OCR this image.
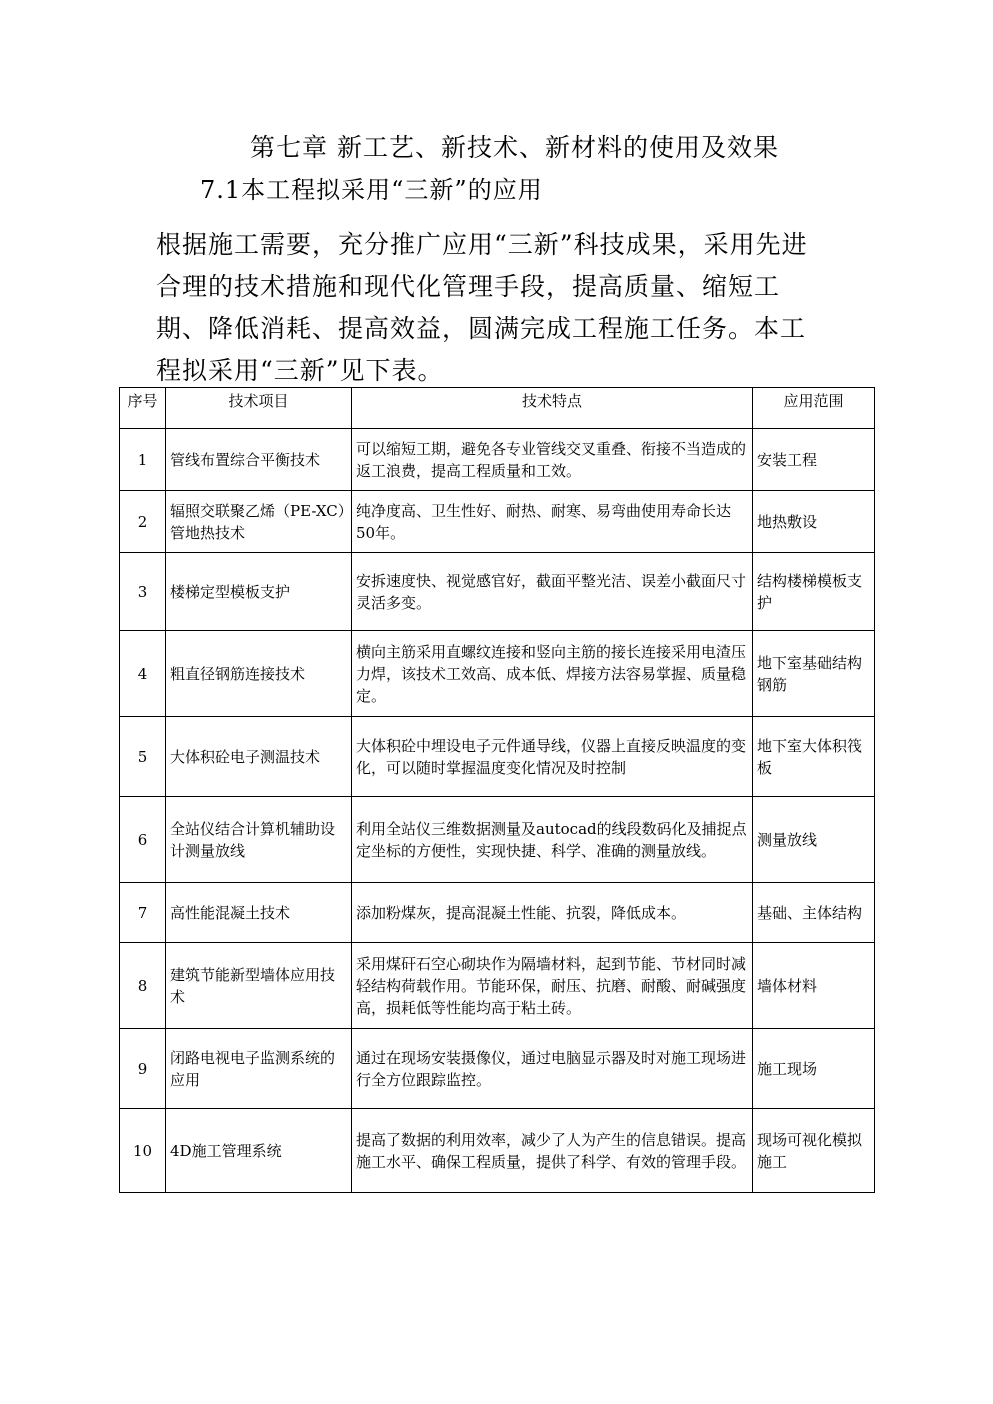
第七章 新工艺、新技术、新材料的使用及效果
7.1本工程拟采用“三新”的应用

根据施工需要，充分推广应用“三新”科技成果，采用先进合理的技术措施和现代化管理手段，提高质量、缩短工期、降低消耗、提高效益，圆满完成工程施工任务。本工程拟采用“三新”见下表。

序号	技术项目	技术特点	应用范围
1	管线布置综合平衡技术	可以缩短工期，避免各专业管线交叉重叠、衔接不当造成的返工浪费，提高工程质量和工效。	安装工程
2	辐照交联聚乙烯（PE-XC）管地热技术	纯净度高、卫生性好、耐热、耐寒、易弯曲使用寿命长达50年。	地热敷设
3	楼梯定型模板支护	安拆速度快、视觉感官好，截面平整光洁、误差小截面尺寸灵活多变。	结构楼梯模板支护
4	粗直径钢筋连接技术	横向主筋采用直螺纹连接和竖向主筋的接长连接采用电渣压力焊，该技术工效高、成本低、焊接方法容易掌握、质量稳定。	地下室基础结构钢筋
5	大体积砼电子测温技术	大体积砼中埋设电子元件通导线，仪器上直接反映温度的变化，可以随时掌握温度变化情况及时控制	地下室大体积筏板
6	全站仪结合计算机辅助设计测量放线	利用全站仪三维数据测量及autocad的线段数码化及捕捉点定坐标的方便性，实现快捷、科学、准确的测量放线。	测量放线
7	高性能混凝土技术	添加粉煤灰，提高混凝土性能、抗裂，降低成本。	基础、主体结构
8	建筑节能新型墙体应用技术	采用煤矸石空心砌块作为隔墙材料，起到节能、节材同时减轻结构荷载作用。节能环保，耐压、抗磨、耐酸、耐碱强度高，损耗低等性能均高于粘土砖。	墙体材料
9	闭路电视电子监测系统的应用	通过在现场安装摄像仪，通过电脑显示器及时对施工现场进行全方位跟踪监控。	施工现场
10	4D施工管理系统	提高了数据的利用效率，减少了人为产生的信息错误。提高施工水平、确保工程质量，提供了科学、有效的管理手段。	现场可视化模拟施工
